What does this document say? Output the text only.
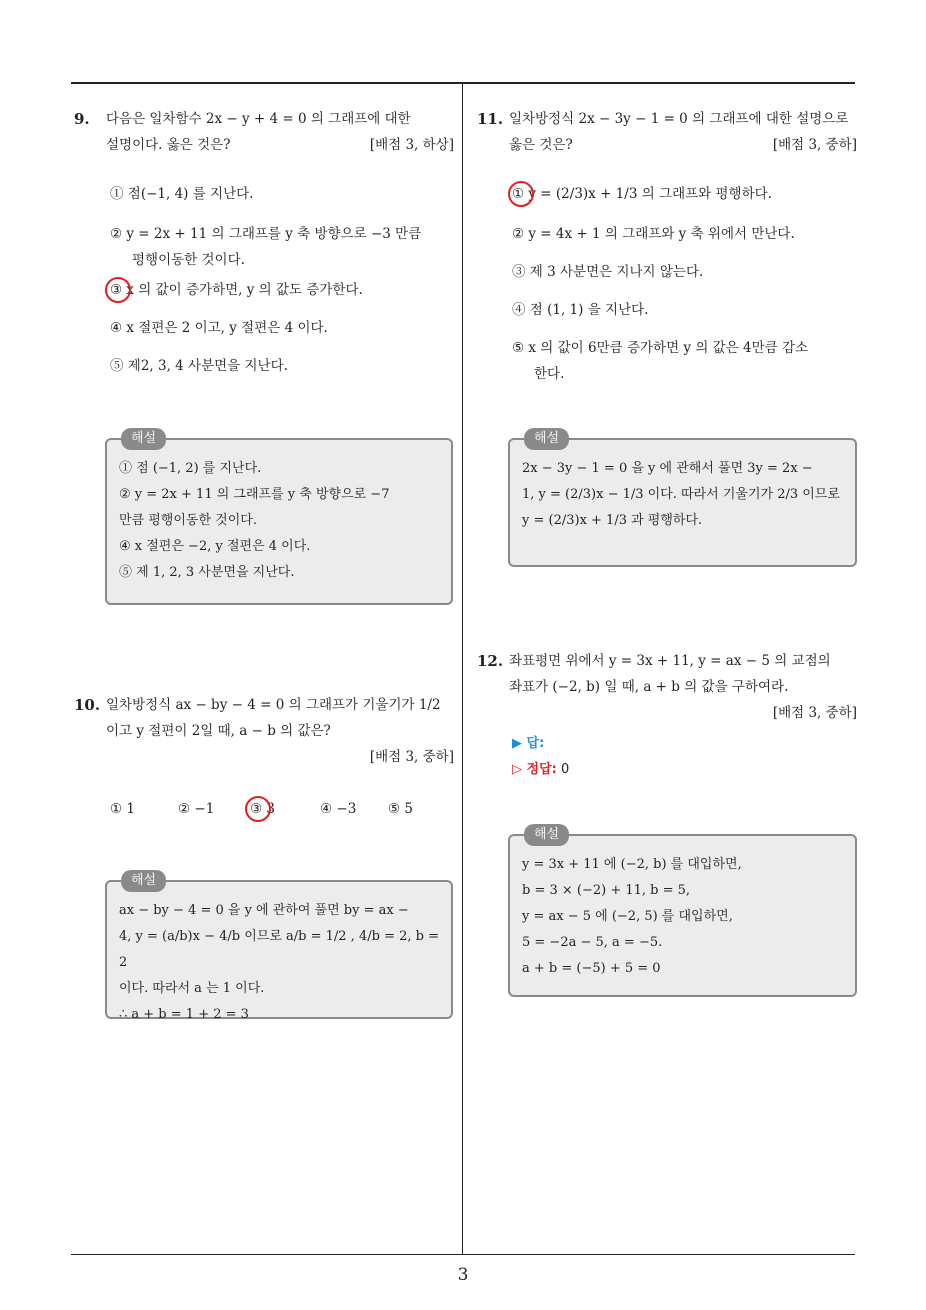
9. 다음은 일차함수 2x − y + 4 = 0 의 그래프에 대한
설명이다. 옳은 것은?	[배점 3, 하상]
① 점(−1, 4) 를 지난다.
② y = 2x + 11 의 그래프를 y 축 방향으로 −3 만큼
평행이동한 것이다.
③ x 의 값이 증가하면, y 의 값도 증가한다.
④ x 절편은 2 이고, y 절편은 4 이다.
⑤ 제2, 3, 4 사분면을 지난다.
해설

① 점 (−1, 2) 를 지난다.

② y = 2x + 11 의 그래프를 y 축 방향으로 −7

만큼 평행이동한 것이다.

④ x 절편은 −2, y 절편은 4 이다.

⑤ 제 1, 2, 3 사분면을 지난다.

10. 일차방정식 ax − by − 4 = 0 의 그래프가 기울기가 1/2
이고 y 절편이 2일 때, a − b 의 값은?
[배점 3, 중하]
① 1	② −1	③ 3	④ −3 ⑤ 5
해설

ax − by − 4 = 0 을 y 에 관하여 풀면 by = ax −

4, y = (a/b)x − 4/b 이므로 a/b = 1/2 , 4/b = 2, b = 2

이다. 따라서 a 는 1 이다.

∴ a + b = 1 + 2 = 3

11. 일차방정식 2x − 3y − 1 = 0 의 그래프에 대한 설명으로
옳은 것은?	[배점 3, 중하]
① y = (2/3)x + 1/3 의 그래프와 평행하다.
② y = 4x + 1 의 그래프와 y 축 위에서 만난다.
③ 제 3 사분면은 지나지 않는다.
④ 점 (1, 1) 을 지난다.
⑤ x 의 값이 6만큼 증가하면 y 의 값은 4만큼 감소
한다.
해설

2x − 3y − 1 = 0 을 y 에 관해서 풀면 3y = 2x −

1, y = (2/3)x − 1/3 이다. 따라서 기울기가 2/3 이므로

y = (2/3)x + 1/3 과 평행하다.

12. 좌표평면 위에서 y = 3x + 11, y = ax − 5 의 교점의
좌표가 (−2, b) 일 때, a + b 의 값을 구하여라.
[배점 3, 중하]
▶ 답:
▷ 정답: 0
해설

y = 3x + 11 에 (−2, b) 를 대입하면,

b = 3 × (−2) + 11, b = 5,

y = ax − 5 에 (−2, 5) 를 대입하면,

5 = −2a − 5, a = −5.

a + b = (−5) + 5 = 0

3
